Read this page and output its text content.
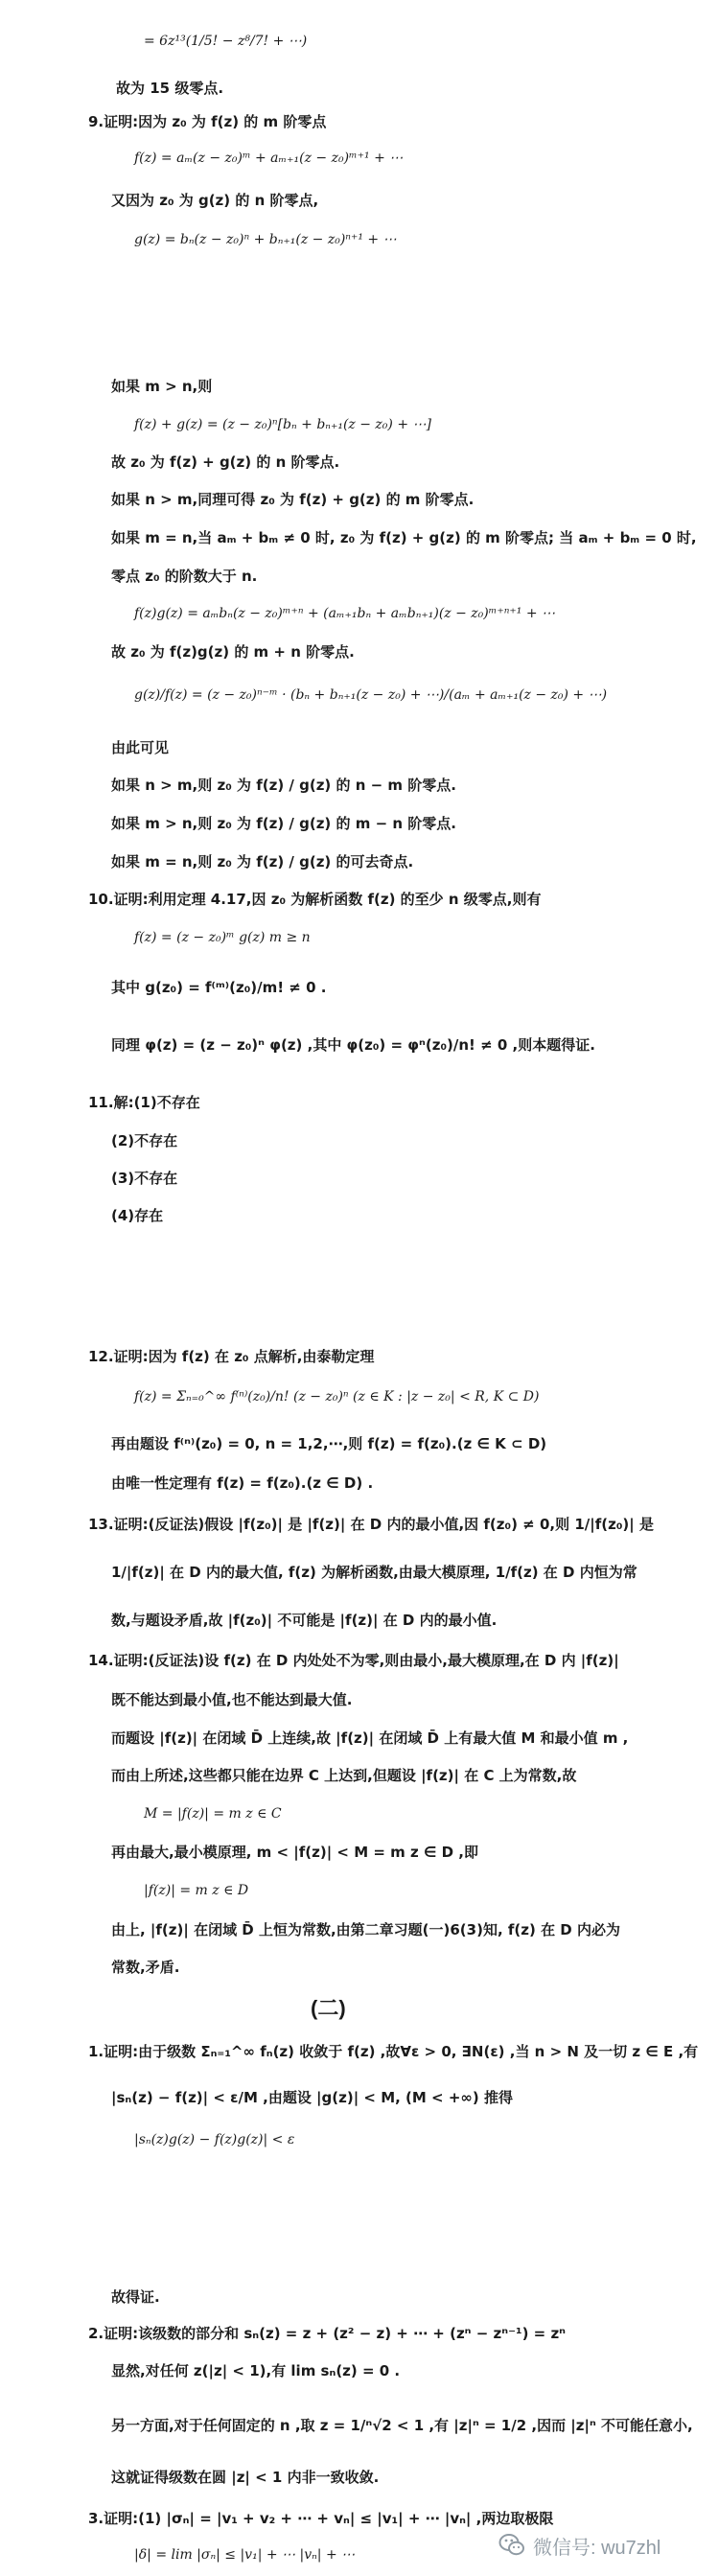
= 6z¹³(1/5! − z⁸/7! + ⋯)
故为 15 级零点.
9.证明:因为 z₀ 为 f(z) 的 m 阶零点
f(z) = aₘ(z − z₀)ᵐ + aₘ₊₁(z − z₀)ᵐ⁺¹ + ⋯
又因为 z₀ 为 g(z) 的 n 阶零点,
g(z) = bₙ(z − z₀)ⁿ + bₙ₊₁(z − z₀)ⁿ⁺¹ + ⋯
如果 m > n,则
f(z) + g(z) = (z − z₀)ⁿ[bₙ + bₙ₊₁(z − z₀) + ⋯]
故 z₀ 为 f(z) + g(z) 的 n 阶零点.
如果 n > m,同理可得 z₀ 为 f(z) + g(z) 的 m 阶零点.
如果 m = n,当 aₘ + bₘ ≠ 0 时, z₀ 为 f(z) + g(z) 的 m 阶零点; 当 aₘ + bₘ = 0 时,
零点 z₀ 的阶数大于 n.
f(z)g(z) = aₘbₙ(z − z₀)ᵐ⁺ⁿ + (aₘ₊₁bₙ + aₘbₙ₊₁)(z − z₀)ᵐ⁺ⁿ⁺¹ + ⋯
故 z₀ 为 f(z)g(z) 的 m + n 阶零点.
g(z)/f(z) = (z − z₀)ⁿ⁻ᵐ · (bₙ + bₙ₊₁(z − z₀) + ⋯)/(aₘ + aₘ₊₁(z − z₀) + ⋯)
由此可见
如果 n > m,则 z₀ 为 f(z) / g(z) 的 n − m 阶零点.
如果 m > n,则 z₀ 为 f(z) / g(z) 的 m − n 阶零点.
如果 m = n,则 z₀ 为 f(z) / g(z) 的可去奇点.
10.证明:利用定理 4.17,因 z₀ 为解析函数 f(z) 的至少 n 级零点,则有
f(z) = (z − z₀)ᵐ g(z) m ≥ n
其中 g(z₀) = f⁽ᵐ⁾(z₀)/m! ≠ 0 .
同理 φ(z) = (z − z₀)ⁿ φ(z) ,其中 φ(z₀) = φⁿ(z₀)/n! ≠ 0 ,则本题得证.
11.解:(1)不存在
(2)不存在
(3)不存在
(4)存在
12.证明:因为 f(z) 在 z₀ 点解析,由泰勒定理
f(z) = Σₙ₌₀^∞ f⁽ⁿ⁾(z₀)/n! (z − z₀)ⁿ (z ∈ K : |z − z₀| < R, K ⊂ D)
再由题设 f⁽ⁿ⁾(z₀) = 0, n = 1,2,⋯,则 f(z) = f(z₀).(z ∈ K ⊂ D)
由唯一性定理有 f(z) = f(z₀).(z ∈ D) .
13.证明:(反证法)假设 |f(z₀)| 是 |f(z)| 在 D 内的最小值,因 f(z₀) ≠ 0,则 1/|f(z₀)| 是
1/|f(z)| 在 D 内的最大值, f(z) 为解析函数,由最大模原理, 1/f(z) 在 D 内恒为常
数,与题设矛盾,故 |f(z₀)| 不可能是 |f(z)| 在 D 内的最小值.
14.证明:(反证法)设 f(z) 在 D 内处处不为零,则由最小,最大模原理,在 D 内 |f(z)|
既不能达到最小值,也不能达到最大值.
而题设 |f(z)| 在闭域 D̄ 上连续,故 |f(z)| 在闭域 D̄ 上有最大值 M 和最小值 m ,
而由上所述,这些都只能在边界 C 上达到,但题设 |f(z)| 在 C 上为常数,故
M = |f(z)| = m z ∈ C
再由最大,最小模原理, m < |f(z)| < M = m z ∈ D ,即
|f(z)| = m z ∈ D
由上, |f(z)| 在闭域 D̄ 上恒为常数,由第二章习题(一)6(3)知, f(z) 在 D 内必为
常数,矛盾.
(二)
1.证明:由于级数 Σₙ₌₁^∞ fₙ(z) 收敛于 f(z) ,故∀ε > 0, ∃N(ε) ,当 n > N 及一切 z ∈ E ,有
|sₙ(z) − f(z)| < ε/M ,由题设 |g(z)| < M, (M < +∞) 推得
|sₙ(z)g(z) − f(z)g(z)| < ε
故得证.
2.证明:该级数的部分和 sₙ(z) = z + (z² − z) + ⋯ + (zⁿ − zⁿ⁻¹) = zⁿ
显然,对任何 z(|z| < 1),有 lim sₙ(z) = 0 .
另一方面,对于任何固定的 n ,取 z = 1/ⁿ√2 < 1 ,有 |z|ⁿ = 1/2 ,因而 |z|ⁿ 不可能任意小,
这就证得级数在圆 |z| < 1 内非一致收敛.
3.证明:(1) |σₙ| = |v₁ + v₂ + ⋯ + vₙ| ≤ |v₁| + ⋯ |vₙ| ,两边取极限
|δ| = lim |σₙ| ≤ |v₁| + ⋯ |vₙ| + ⋯	微信号: wu7zhl
